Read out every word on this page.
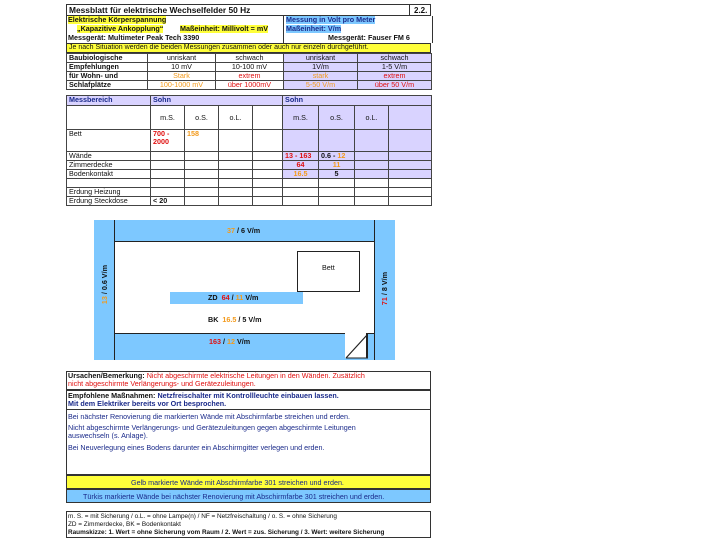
Messblatt für elektrische Wechselfelder 50 Hz	2.2.
Elektrische Körperspannung
„Kapazitive Ankopplung“ Maßeinheit: Millivolt = mV
Messgerät: Multimeter Peak Tech 3390
Messung in Volt pro Meter
Maßeinheit: V/m
Messgerät: Fauser FM 6
Je nach Situation werden die beiden Messungen zusammen oder auch nur einzeln durchgeführt.
Baubiologische	unriskant	schwach	unriskant	schwach
Empfehlungen	10 mV	10-100 mV	1V/m	1-5 V/m
für Wohn- und	Stark	extrem	stark	extrem
Schlafplätze	100-1000 mV	über 1000mV	5-50 V/m	über 50 V/m
Messbereich	Sohn				Sohn			
	m.S.	o.S.	o.L.		m.S.	o.S.	o.L.	
Bett	700 - 2000	158						
Wände					13 - 163	0.6 - 12		
Zimmerdecke					64	11		
Bodenkontakt					16.5	5		

Erdung Heizung								
Erdung Steckdose	< 20							
37 / 6 V/m
13 / 0.6 V/m
71 / 8 V/m
163 / 12 V/m
Bett
ZD 64 / 11 V/m
BK 16.5 / 5 V/m
Ursachen/Bemerkung: Nicht abgeschirmte elektrische Leitungen in den Wänden. Zusätzlich
nicht abgeschirmte Verlängerungs- und Gerätezuleitungen.
Empfohlene Maßnahmen: Netzfreischalter mit Kontrollleuchte einbauen lassen.
Mit dem Elektriker bereits vor Ort besprochen.
Bei nächster Renovierung die markierten Wände mit Abschirmfarbe streichen und erden.
Nicht abgeschirmte Verlängerungs- und Gerätezuleitungen gegen abgeschirmte Leitungen
auswechseln (s. Anlage).
Bei Neuverlegung eines Bodens darunter ein Abschirmgitter verlegen und erden.
Gelb markierte Wände mit Abschirmfarbe 301 streichen und erden.
Türkis markierte Wände bei nächster Renovierung mit Abschirmfarbe 301 streichen und erden.
m. S. = mit Sicherung / o.L. = ohne Lampe(n) / NF = Netzfreischaltung / o. S. = ohne Sicherung
ZD = Zimmerdecke, BK = Bodenkontakt
Raumskizze: 1. Wert = ohne Sicherung vom Raum / 2. Wert = zus. Sicherung / 3. Wert: weitere Sicherung
